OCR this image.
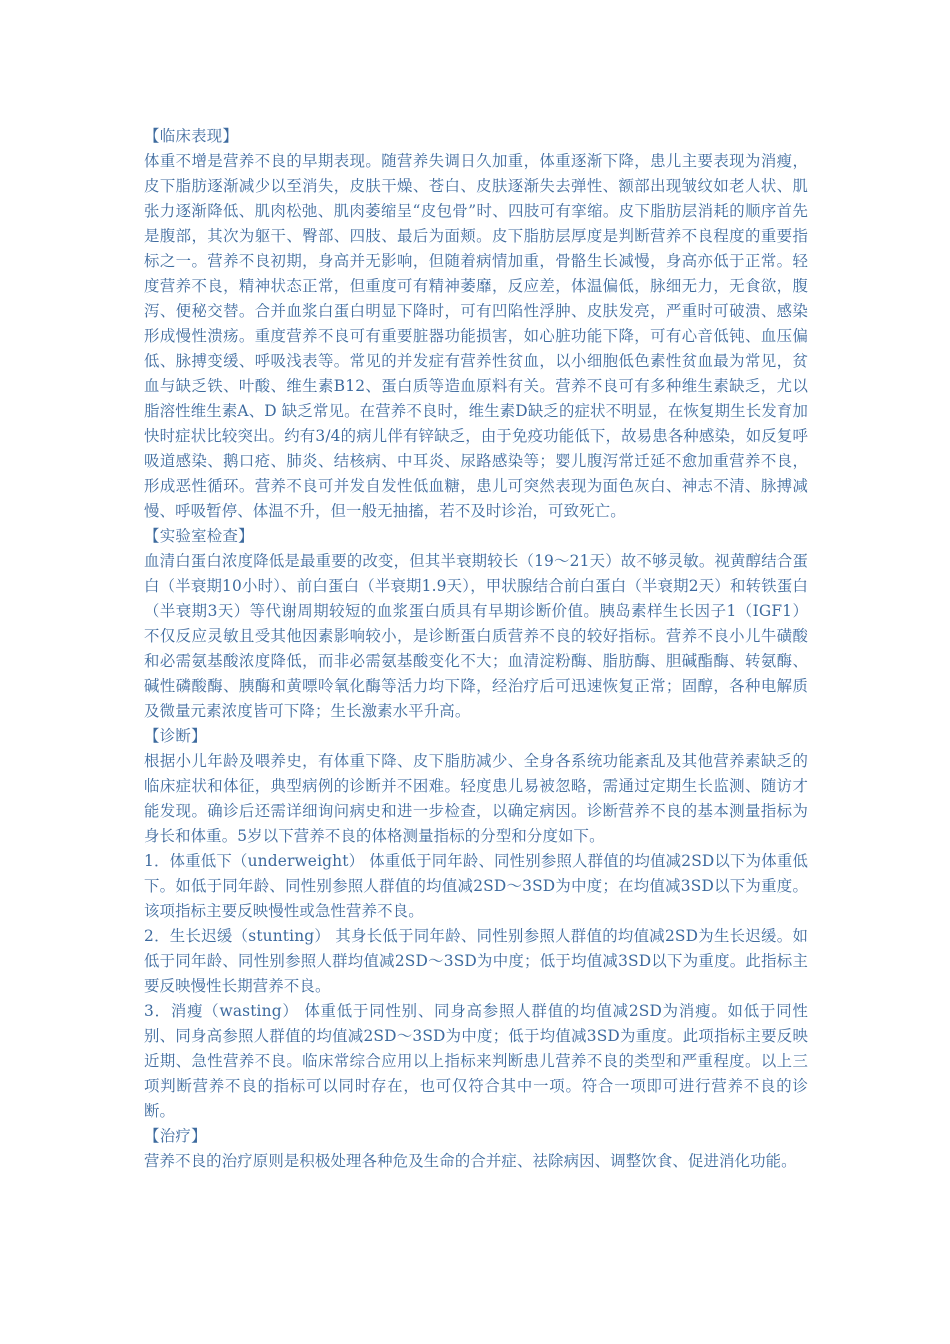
【临床表现】

体重不增是营养不良的早期表现。随营养失调日久加重，体重逐渐下降，患儿主要表现为消瘦，皮下脂肪逐渐减少以至消失，皮肤干燥、苍白、皮肤逐渐失去弹性、额部出现皱纹如老人状、肌张力逐渐降低、肌肉松弛、肌肉萎缩呈“皮包骨”时、四肢可有挛缩。皮下脂肪层消耗的顺序首先是腹部，其次为躯干、臀部、四肢、最后为面颊。皮下脂肪层厚度是判断营养不良程度的重要指标之一。营养不良初期，身高并无影响，但随着病情加重，骨骼生长减慢，身高亦低于正常。轻度营养不良，精神状态正常，但重度可有精神萎靡，反应差，体温偏低，脉细无力，无食欲，腹泻、便秘交替。合并血浆白蛋白明显下降时，可有凹陷性浮肿、皮肤发亮，严重时可破溃、感染形成慢性溃疡。重度营养不良可有重要脏器功能损害，如心脏功能下降，可有心音低钝、血压偏低、脉搏变缓、呼吸浅表等。常见的并发症有营养性贫血，以小细胞低色素性贫血最为常见，贫血与缺乏铁、叶酸、维生素B12、蛋白质等造血原料有关。营养不良可有多种维生素缺乏，尤以脂溶性维生素A、D 缺乏常见。在营养不良时，维生素D缺乏的症状不明显，在恢复期生长发育加快时症状比较突出。约有3/4的病儿伴有锌缺乏，由于免疫功能低下，故易患各种感染，如反复呼吸道感染、鹅口疮、肺炎、结核病、中耳炎、尿路感染等；婴儿腹泻常迁延不愈加重营养不良，形成恶性循环。营养不良可并发自发性低血糖，患儿可突然表现为面色灰白、神志不清、脉搏减慢、呼吸暂停、体温不升，但一般无抽搐，若不及时诊治，可致死亡。

【实验室检查】

血清白蛋白浓度降低是最重要的改变，但其半衰期较长（19～21天）故不够灵敏。视黄醇结合蛋白（半衰期10小时）、前白蛋白（半衰期1.9天），甲状腺结合前白蛋白（半衰期2天）和转铁蛋白（半衰期3天）等代谢周期较短的血浆蛋白质具有早期诊断价值。胰岛素样生长因子1（IGF1）不仅反应灵敏且受其他因素影响较小，是诊断蛋白质营养不良的较好指标。营养不良小儿牛磺酸和必需氨基酸浓度降低，而非必需氨基酸变化不大；血清淀粉酶、脂肪酶、胆碱酯酶、转氨酶、碱性磷酸酶、胰酶和黄嘌呤氧化酶等活力均下降，经治疗后可迅速恢复正常；固醇，各种电解质及微量元素浓度皆可下降；生长激素水平升高。

【诊断】

根据小儿年龄及喂养史，有体重下降、皮下脂肪减少、全身各系统功能紊乱及其他营养素缺乏的临床症状和体征，典型病例的诊断并不困难。轻度患儿易被忽略，需通过定期生长监测、随访才能发现。确诊后还需详细询问病史和进一步检查，以确定病因。诊断营养不良的基本测量指标为身长和体重。5岁以下营养不良的体格测量指标的分型和分度如下。

1．体重低下（underweight） 体重低于同年龄、同性别参照人群值的均值减2SD以下为体重低下。如低于同年龄、同性别参照人群值的均值减2SD～3SD为中度；在均值减3SD以下为重度。该项指标主要反映慢性或急性营养不良。

2．生长迟缓（stunting） 其身长低于同年龄、同性别参照人群值的均值减2SD为生长迟缓。如低于同年龄、同性别参照人群均值减2SD～3SD为中度；低于均值减3SD以下为重度。此指标主要反映慢性长期营养不良。

3．消瘦（wasting） 体重低于同性别、同身高参照人群值的均值减2SD为消瘦。如低于同性别、同身高参照人群值的均值减2SD～3SD为中度；低于均值减3SD为重度。此项指标主要反映近期、急性营养不良。临床常综合应用以上指标来判断患儿营养不良的类型和严重程度。以上三项判断营养不良的指标可以同时存在，也可仅符合其中一项。符合一项即可进行营养不良的诊断。

【治疗】

营养不良的治疗原则是积极处理各种危及生命的合并症、祛除病因、调整饮食、促进消化功能。
